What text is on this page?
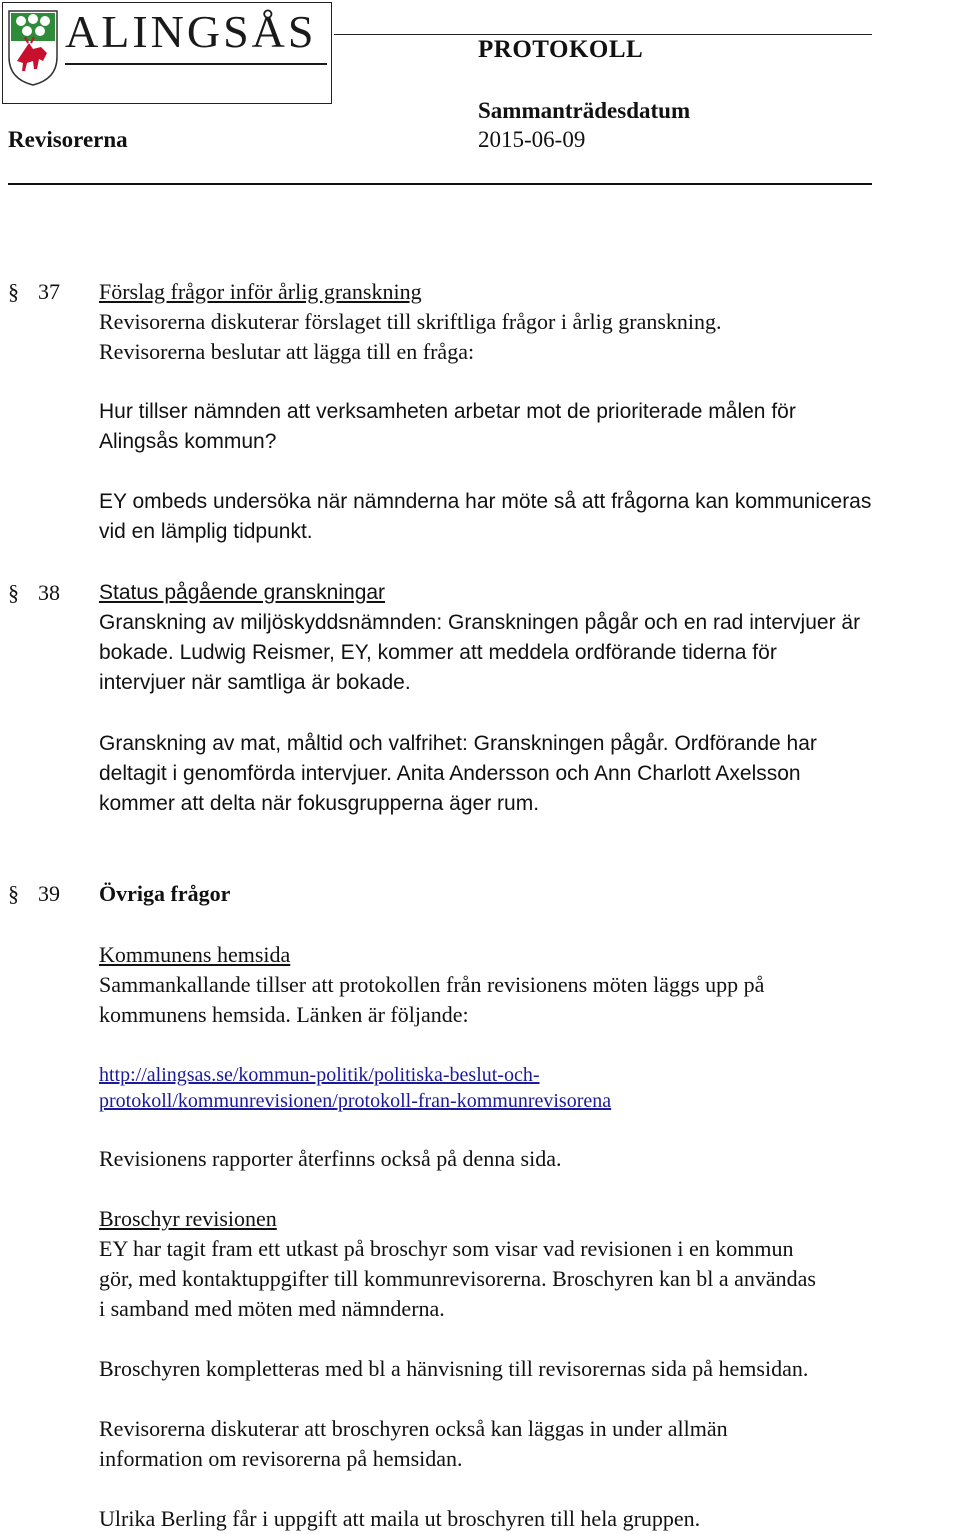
ALINGSÅS	PROTOKOLL
Sammanträdesdatum
Revisorerna	2015-06-09
§ 37 Förslag frågor inför årlig granskning
Revisorerna diskuterar förslaget till skriftliga frågor i årlig granskning.
Revisorerna beslutar att lägga till en fråga:
Hur tillser nämnden att verksamheten arbetar mot de prioriterade målen för
Alingsås kommun?
EY ombeds undersöka när nämnderna har möte så att frågorna kan kommuniceras
vid en lämplig tidpunkt.
§ 38 Status pågående granskningar
Granskning av miljöskyddsnämnden: Granskningen pågår och en rad intervjuer är
bokade. Ludwig Reismer, EY, kommer att meddela ordförande tiderna för
intervjuer när samtliga är bokade.
Granskning av mat, måltid och valfrihet: Granskningen pågår. Ordförande har
deltagit i genomförda intervjuer. Anita Andersson och Ann Charlott Axelsson
kommer att delta när fokusgrupperna äger rum.
§ 39 Övriga frågor
Kommunens hemsida
Sammankallande tillser att protokollen från revisionens möten läggs upp på
kommunens hemsida. Länken är följande:
http://alingsas.se/kommun-politik/politiska-beslut-och-
protokoll/kommunrevisionen/protokoll-fran-kommunrevisorena
Revisionens rapporter återfinns också på denna sida.
Broschyr revisionen
EY har tagit fram ett utkast på broschyr som visar vad revisionen i en kommun
gör, med kontaktuppgifter till kommunrevisorerna. Broschyren kan bl a användas
i samband med möten med nämnderna.
Broschyren kompletteras med bl a hänvisning till revisorernas sida på hemsidan.
Revisorerna diskuterar att broschyren också kan läggas in under allmän
information om revisorerna på hemsidan.
Ulrika Berling får i uppgift att maila ut broschyren till hela gruppen.
